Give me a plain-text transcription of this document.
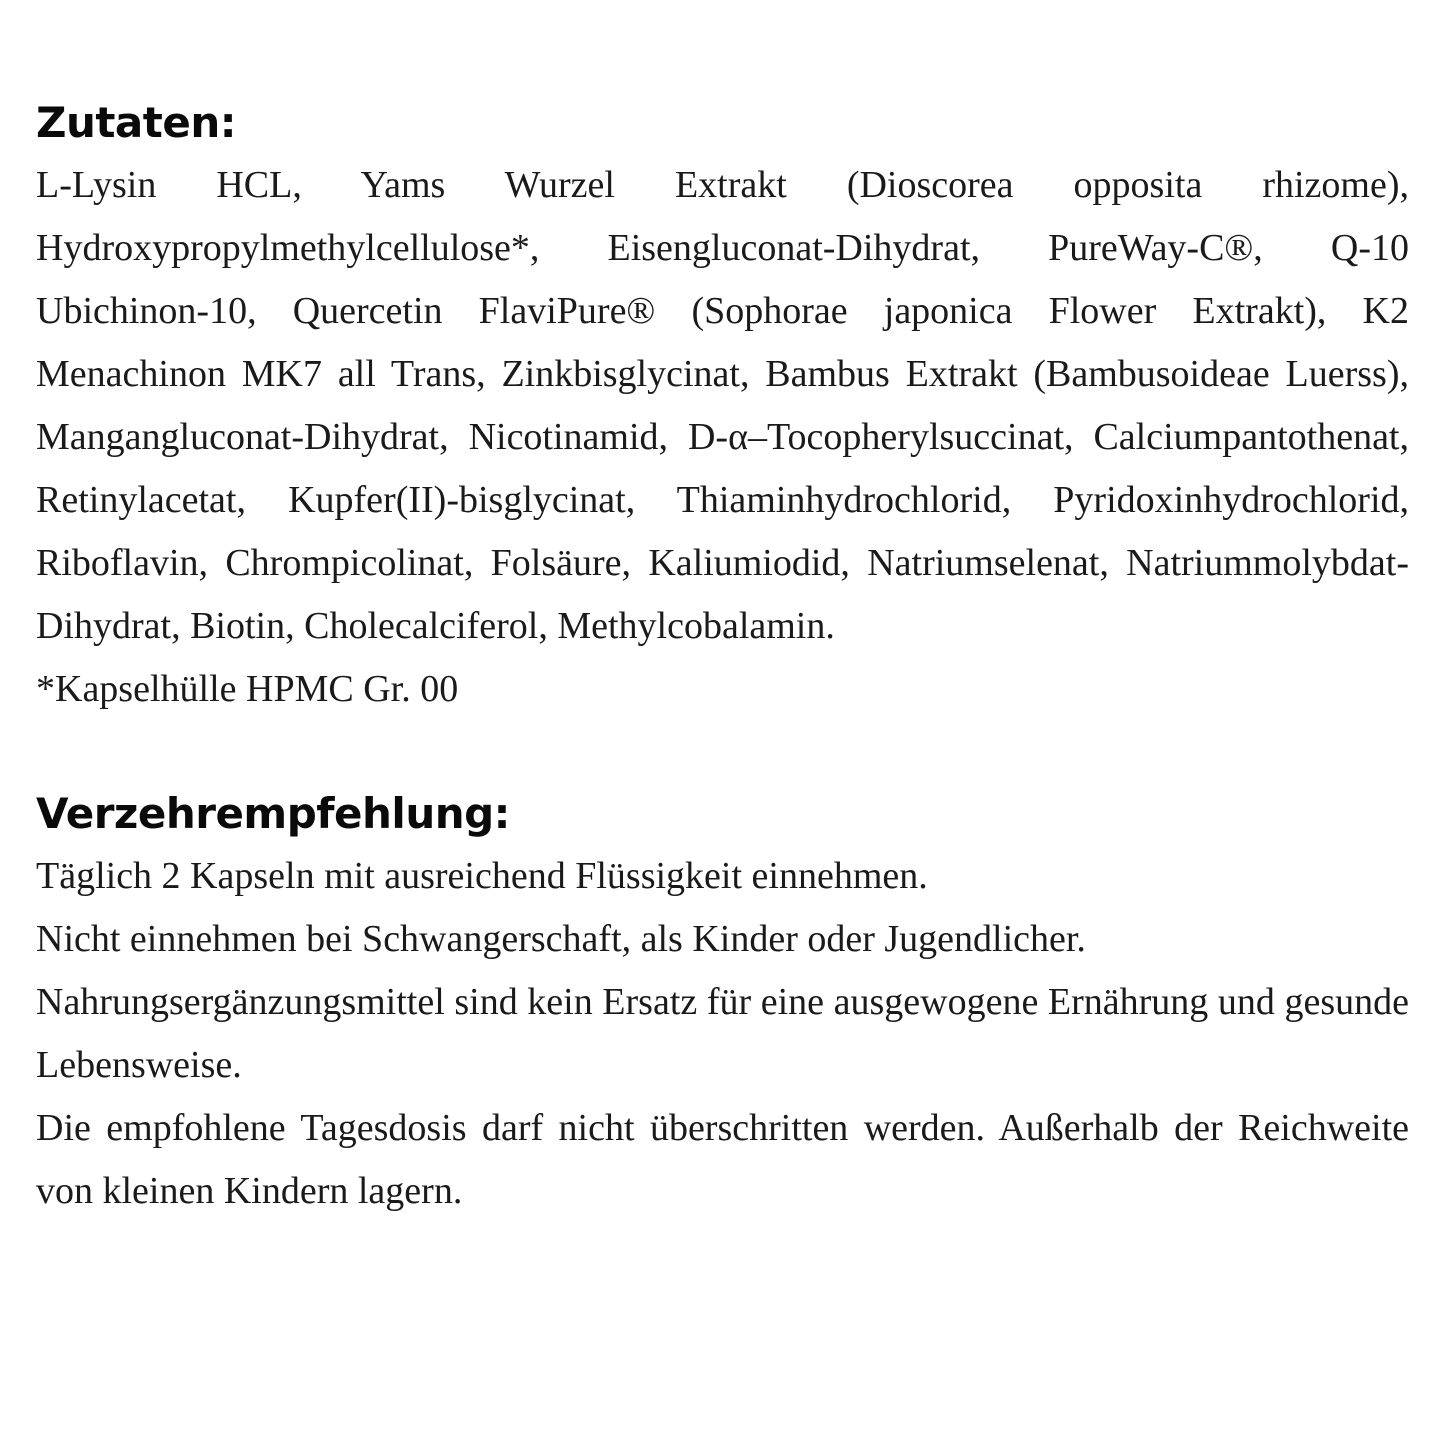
Zutaten:

L-Lysin HCL, Yams Wurzel Extrakt (Dioscorea opposita rhizome), Hydroxypropylmethylcellulose*, Eisengluconat-Dihydrat, PureWay-C®, Q-10 Ubichinon-10, Quercetin FlaviPure® (Sophorae japonica Flower Extrakt), K2 Menachinon MK7 all Trans, Zinkbisglycinat, Bambus Extrakt (Bambusoideae Luerss), Mangangluconat-Dihydrat, Nicotinamid, D-α–Tocopherylsuccinat, Calciumpantothenat, Retinylacetat, Kupfer(II)-bisglycinat, Thiaminhydrochlorid, Pyridoxinhydrochlorid, Riboflavin, Chrompicolinat, Folsäure, Kaliumiodid, Natriumselenat, Natriummolybdat-Dihydrat, Biotin, Cholecalciferol, Methylcobalamin.

*Kapselhülle HPMC Gr. 00

Verzehrempfehlung:

Täglich 2 Kapseln mit ausreichend Flüssigkeit einnehmen.

Nicht einnehmen bei Schwangerschaft, als Kinder oder Jugendlicher.

Nahrungsergänzungsmittel sind kein Ersatz für eine ausgewogene Ernährung und gesunde Lebensweise.

Die empfohlene Tagesdosis darf nicht überschritten werden. Außerhalb der Reichweite von kleinen Kindern lagern.
